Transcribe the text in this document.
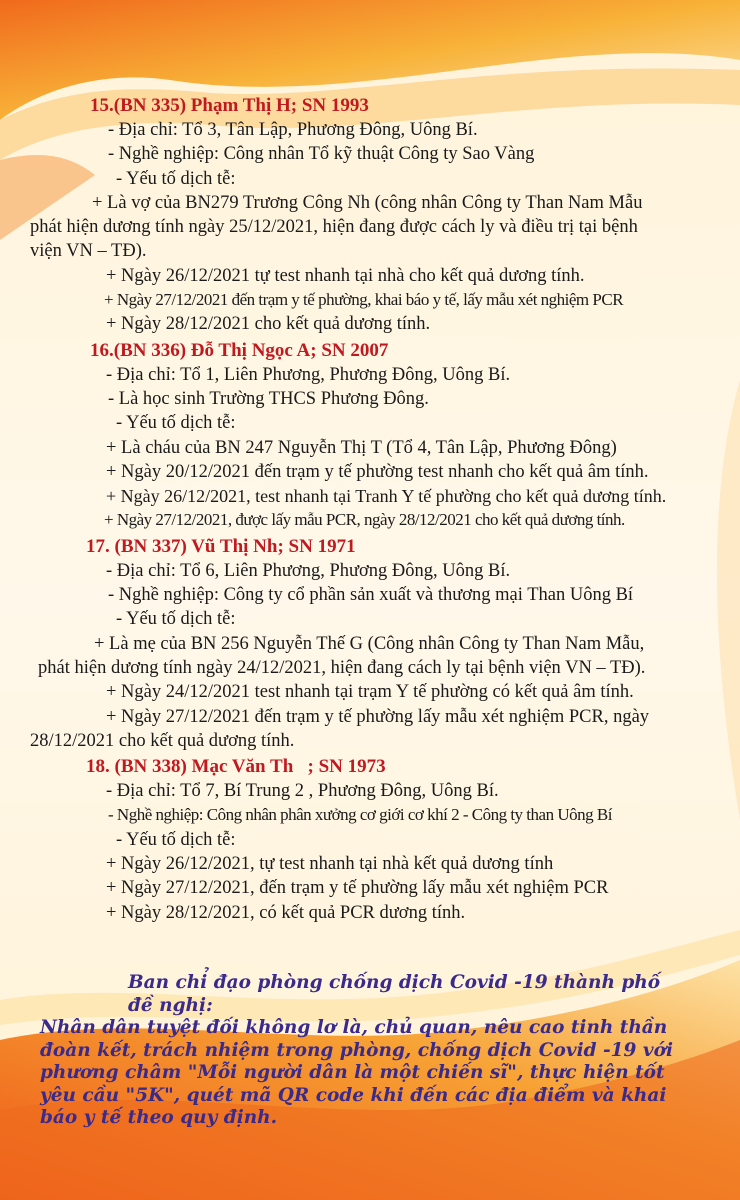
15.(BN 335) Phạm Thị H; SN 1993
- Địa chỉ: Tổ 3, Tân Lập, Phương Đông, Uông Bí.
- Nghề nghiệp: Công nhân Tổ kỹ thuật Công ty Sao Vàng
- Yếu tố dịch tễ:
+ Là vợ của BN279 Trương Công Nh (công nhân Công ty Than Nam Mẫu
phát hiện dương tính ngày 25/12/2021, hiện đang được cách ly và điều trị tại bệnh
viện VN – TĐ).
+ Ngày 26/12/2021 tự test nhanh tại nhà cho kết quả dương tính.
+ Ngày 27/12/2021 đến trạm y tế phường, khai báo y tế, lấy mẫu xét nghiệm PCR
+ Ngày 28/12/2021 cho kết quả dương tính.
16.(BN 336) Đỗ Thị Ngọc A; SN 2007
- Địa chỉ: Tổ 1, Liên Phương, Phương Đông, Uông Bí.
- Là học sinh Trường THCS Phương Đông.
- Yếu tố dịch tễ:
+ Là cháu của BN 247 Nguyễn Thị T (Tổ 4, Tân Lập, Phương Đông)
+ Ngày 20/12/2021 đến trạm y tế phường test nhanh cho kết quả âm tính.
+ Ngày 26/12/2021, test nhanh tại Tranh Y tế phường cho kết quả dương tính.
+ Ngày 27/12/2021, được lấy mẫu PCR, ngày 28/12/2021 cho kết quả dương tính.
17. (BN 337) Vũ Thị Nh; SN 1971
- Địa chỉ: Tổ 6, Liên Phương, Phương Đông, Uông Bí.
- Nghề nghiệp: Công ty cổ phần sản xuất và thương mại Than Uông Bí
- Yếu tố dịch tễ:
+ Là mẹ của BN 256 Nguyễn Thế G (Công nhân Công ty Than Nam Mẫu,
phát hiện dương tính ngày 24/12/2021, hiện đang cách ly tại bệnh viện VN – TĐ).
+ Ngày 24/12/2021 test nhanh tại trạm Y tế phường có kết quả âm tính.
+ Ngày 27/12/2021 đến trạm y tế phường lấy mẫu xét nghiệm PCR, ngày
28/12/2021 cho kết quả dương tính.
18. (BN 338) Mạc Văn Th   ; SN 1973
- Địa chỉ: Tổ 7, Bí Trung 2 , Phương Đông, Uông Bí.
- Nghề nghiệp: Công nhân phân xưởng cơ giới cơ khí 2 - Công ty than Uông Bí
- Yếu tố dịch tễ:
+ Ngày 26/12/2021, tự test nhanh tại nhà kết quả dương tính
+ Ngày 27/12/2021, đến trạm y tế phường lấy mẫu xét nghiệm PCR
+ Ngày 28/12/2021, có kết quả PCR dương tính.
Ban chỉ đạo phòng chống dịch Covid -19 thành phố đề nghị:
Nhân dân tuyệt đối không lơ là, chủ quan, nêu cao tinh thần
đoàn kết, trách nhiệm trong phòng, chống dịch Covid -19 với
phương châm "Mỗi người dân là một chiến sĩ", thực hiện tốt
yêu cầu "5K", quét mã QR code khi đến các địa điểm và khai
báo y tế theo quy định.
